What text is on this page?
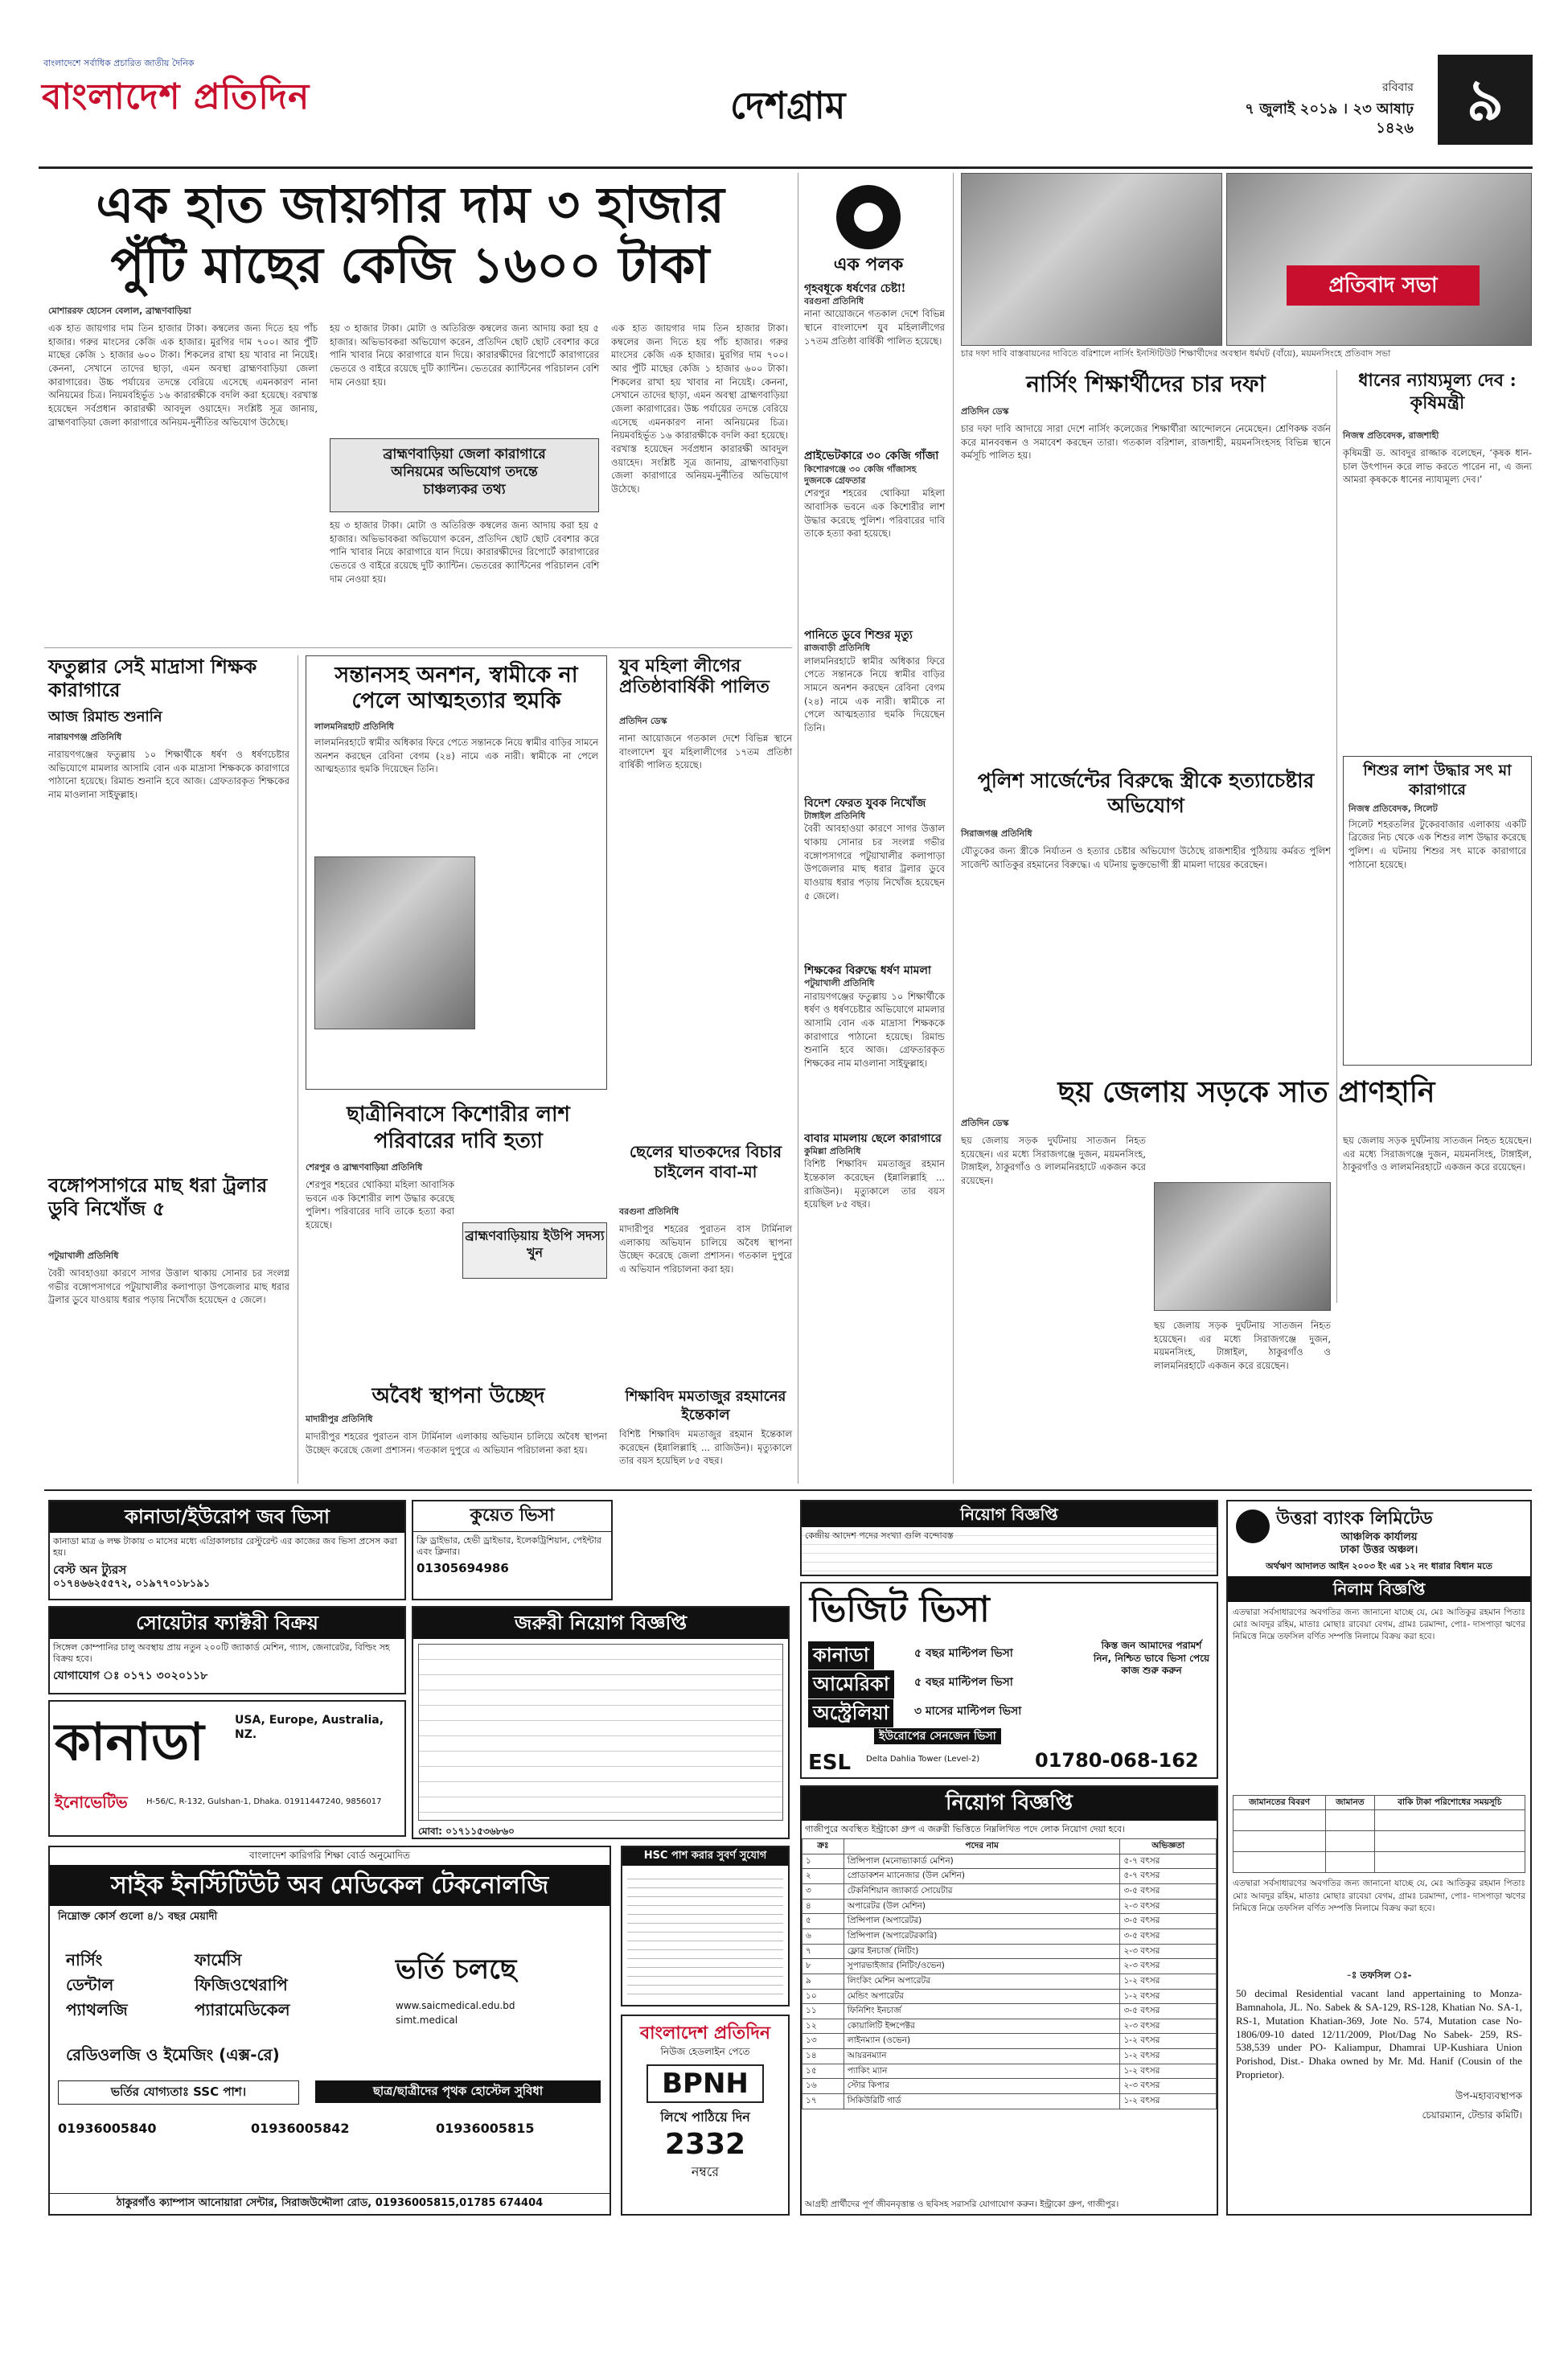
বাংলাদেশে সর্বাধিক প্রচারিত জাতীয় দৈনিক
বাংলাদেশ প্রতিদিন	দেশগ্রাম	রবিবার
৭ জুলাই ২০১৯ । ২৩ আষাঢ় ১৪২৬ ৯
এক হাত জায়গার দাম ৩ হাজার
পুঁটি মাছের কেজি ১৬০০ টাকা
মোশাররফ হোসেন বেলাল, ব্রাহ্মণবাড়িয়া
এক হাত জায়গার দাম তিন হাজার টাকা। কম্বলের জন্য দিতে হয় পাঁচ হাজার। গরুর মাংসের কেজি এক হাজার। মুরগির দাম ৭০০। আর পুঁটি মাছের কেজি ১ হাজার ৬০০ টাকা। শিকলের রাখা হয় খাবার না নিয়েই। কেননা, সেখানে তাদের ছাড়া, এমন অবস্থা ব্রাহ্মণবাড়িয়া জেলা কারাগারের। উচ্চ পর্যায়ের তদন্তে বেরিয়ে এসেছে এমনকারণ নানা অনিয়মের চিত্র। নিয়মবহির্ভূত ১৬ কারারক্ষীকে বদলি করা হয়েছে। বরখাস্ত হয়েছেন সর্বপ্রধান কারারক্ষী আবদুল ওয়াহেদ। সংশ্লিষ্ট সূত্র জানায়, ব্রাহ্মণবাড়িয়া জেলা কারাগারে অনিয়ম-দুর্নীতির অভিযোগ উঠেছে।
হয় ৩ হাজার টাকা। মোটা ও অতিরিক্ত কম্বলের জন্য আদায় করা হয় ৫ হাজার। অভিভাবকরা অভিযোগ করেন, প্রতিদিন ছোট ছোট বেবশার করে পানি খাবার নিয়ে কারাগারে যান দিয়ে। কারারক্ষীদের রিপোর্টে কারাগারের ভেতরে ও বাইরে রয়েছে দুটি ক্যান্টিন। ভেতরের ক্যান্টিনের পরিচালন বেশি দাম নেওয়া হয়।
ব্রাহ্মণবাড়িয়া জেলা কারাগারে
অনিয়মের অভিযোগ তদন্তে
চাঞ্চল্যকর তথ্য
হয় ৩ হাজার টাকা। মোটা ও অতিরিক্ত কম্বলের জন্য আদায় করা হয় ৫ হাজার। অভিভাবকরা অভিযোগ করেন, প্রতিদিন ছোট ছোট বেবশার করে পানি খাবার নিয়ে কারাগারে যান দিয়ে। কারারক্ষীদের রিপোর্টে কারাগারের ভেতরে ও বাইরে রয়েছে দুটি ক্যান্টিন। ভেতরের ক্যান্টিনের পরিচালন বেশি দাম নেওয়া হয়।
এক হাত জায়গার দাম তিন হাজার টাকা। কম্বলের জন্য দিতে হয় পাঁচ হাজার। গরুর মাংসের কেজি এক হাজার। মুরগির দাম ৭০০। আর পুঁটি মাছের কেজি ১ হাজার ৬০০ টাকা। শিকলের রাখা হয় খাবার না নিয়েই। কেননা, সেখানে তাদের ছাড়া, এমন অবস্থা ব্রাহ্মণবাড়িয়া জেলা কারাগারের। উচ্চ পর্যায়ের তদন্তে বেরিয়ে এসেছে এমনকারণ নানা অনিয়মের চিত্র। নিয়মবহির্ভূত ১৬ কারারক্ষীকে বদলি করা হয়েছে। বরখাস্ত হয়েছেন সর্বপ্রধান কারারক্ষী আবদুল ওয়াহেদ। সংশ্লিষ্ট সূত্র জানায়, ব্রাহ্মণবাড়িয়া জেলা কারাগারে অনিয়ম-দুর্নীতির অভিযোগ উঠেছে।
ফতুল্লার সেই মাদ্রাসা শিক্ষক কারাগারে
আজ রিমান্ড শুনানি
নারায়ণগঞ্জ প্রতিনিধি
নারায়ণগঞ্জের ফতুল্লায় ১০ শিক্ষার্থীকে ধর্ষণ ও ধর্ষণচেষ্টার অভিযোগে মামলার আসামি বোন এক মাদ্রাসা শিক্ষককে কারাগারে পাঠানো হয়েছে। রিমান্ড শুনানি হবে আজ। গ্রেফতারকৃত শিক্ষকের নাম মাওলানা সাইফুল্লাহ।
বঙ্গোপসাগরে মাছ ধরা ট্রলার ডুবি নিখোঁজ ৫
পটুয়াখালী প্রতিনিধি
বৈরী আবহাওয়া কারণে সাগর উত্তাল থাকায় সোনার চর সংলগ্ন গভীর বঙ্গোপসাগরে পটুয়াখালীর কলাপাড়া উপজেলার মাছ ধরার ট্রলার ডুবে যাওয়ায় ধরার পড়ায় নিখোঁজ হয়েছেন ৫ জেলে।
সন্তানসহ অনশন, স্বামীকে না পেলে আত্মহত্যার হুমকি
লালমনিরহাট প্রতিনিধি
লালমনিরহাটে স্বামীর অধিকার ফিরে পেতে সন্তানকে নিয়ে স্বামীর বাড়ির সামনে অনশন করছেন রেবিনা বেগম (২৪) নামে এক নারী। স্বামীকে না পেলে আত্মহত্যার হুমকি দিয়েছেন তিনি।
যুব মহিলা লীগের প্রতিষ্ঠাবার্ষিকী পালিত
প্রতিদিন ডেস্ক
নানা আয়োজনে গতকাল দেশে বিভিন্ন স্থানে বাংলাদেশ যুব মহিলালীগের ১৭তম প্রতিষ্ঠা বার্ষিকী পালিত হয়েছে।
ছাত্রীনিবাসে কিশোরীর লাশ পরিবারের দাবি হত্যা
শেরপুর ও ব্রাহ্মণবাড়িয়া প্রতিনিধি
শেরপুর শহরের থোকিয়া মহিলা আবাসিক ভবনে এক কিশোরীর লাশ উদ্ধার করেছে পুলিশ। পরিবারের দাবি তাকে হত্যা করা হয়েছে।
ব্রাহ্মণবাড়িয়ায় ইউপি সদস্য খুন
অবৈধ স্থাপনা উচ্ছেদ
মাদারীপুর প্রতিনিধি
মাদারীপুর শহরের পুরাতন বাস টার্মিনাল এলাকায় অভিযান চালিয়ে অবৈধ স্থাপনা উচ্ছেদ করেছে জেলা প্রশাসন। গতকাল দুপুরে এ অভিযান পরিচালনা করা হয়।
ছেলের ঘাতকদের বিচার চাইলেন বাবা-মা
বরগুনা প্রতিনিধি
মাদারীপুর শহরের পুরাতন বাস টার্মিনাল এলাকায় অভিযান চালিয়ে অবৈধ স্থাপনা উচ্ছেদ করেছে জেলা প্রশাসন। গতকাল দুপুরে এ অভিযান পরিচালনা করা হয়।
শিক্ষাবিদ মমতাজুর রহমানের ইন্তেকাল
বিশিষ্ট শিক্ষাবিদ মমতাজুর রহমান ইন্তেকাল করেছেন (ইন্নালিল্লাহি ... রাজিউন)। মৃত্যুকালে তার বয়স হয়েছিল ৮৫ বছর।
এক পলক
গৃহবধূকে ধর্ষণের চেষ্টা!
বরগুনা প্রতিনিধি
নানা আয়োজনে গতকাল দেশে বিভিন্ন স্থানে বাংলাদেশ যুব মহিলালীগের ১৭তম প্রতিষ্ঠা বার্ষিকী পালিত হয়েছে।
প্রাইভেটকারে ৩০ কেজি গাঁজা
কিশোরগঞ্জে ৩০ কেজি গাঁজাসহ দুজনকে গ্রেফতার
শেরপুর শহরের থোকিয়া মহিলা আবাসিক ভবনে এক কিশোরীর লাশ উদ্ধার করেছে পুলিশ। পরিবারের দাবি তাকে হত্যা করা হয়েছে।
পানিতে ডুবে শিশুর মৃত্যু
রাজবাড়ী প্রতিনিধি
লালমনিরহাটে স্বামীর অধিকার ফিরে পেতে সন্তানকে নিয়ে স্বামীর বাড়ির সামনে অনশন করছেন রেবিনা বেগম (২৪) নামে এক নারী। স্বামীকে না পেলে আত্মহত্যার হুমকি দিয়েছেন তিনি।
বিদেশ ফেরত যুবক নিখোঁজ
টাঙ্গাইল প্রতিনিধি
বৈরী আবহাওয়া কারণে সাগর উত্তাল থাকায় সোনার চর সংলগ্ন গভীর বঙ্গোপসাগরে পটুয়াখালীর কলাপাড়া উপজেলার মাছ ধরার ট্রলার ডুবে যাওয়ায় ধরার পড়ায় নিখোঁজ হয়েছেন ৫ জেলে।
শিক্ষকের বিরুদ্ধে ধর্ষণ মামলা
পটুয়াখালী প্রতিনিধি
নারায়ণগঞ্জের ফতুল্লায় ১০ শিক্ষার্থীকে ধর্ষণ ও ধর্ষণচেষ্টার অভিযোগে মামলার আসামি বোন এক মাদ্রাসা শিক্ষককে কারাগারে পাঠানো হয়েছে। রিমান্ড শুনানি হবে আজ। গ্রেফতারকৃত শিক্ষকের নাম মাওলানা সাইফুল্লাহ।
বাবার মামলায় ছেলে কারাগারে
কুমিল্লা প্রতিনিধি
বিশিষ্ট শিক্ষাবিদ মমতাজুর রহমান ইন্তেকাল করেছেন (ইন্নালিল্লাহি ... রাজিউন)। মৃত্যুকালে তার বয়স হয়েছিল ৮৫ বছর।
প্রতিবাদ সভা
চার দফা দাবি বাস্তবায়নের দাবিতে বরিশালে নার্সিং ইনস্টিটিউট শিক্ষার্থীদের অবস্থান ধর্মঘট (বাঁয়ে), ময়মনসিংহে প্রতিবাদ সভা
নার্সিং শিক্ষার্থীদের চার দফা
প্রতিদিন ডেস্ক
চার দফা দাবি আদায়ে সারা দেশে নার্সিং কলেজের শিক্ষার্থীরা আন্দোলনে নেমেছেন। শ্রেণিকক্ষ বর্জন করে মানববন্ধন ও সমাবেশ করছেন তারা। গতকাল বরিশাল, রাজশাহী, ময়মনসিংহসহ বিভিন্ন স্থানে কর্মসূচি পালিত হয়।
ধানের ন্যায্যমূল্য দেব : কৃষিমন্ত্রী
নিজস্ব প্রতিবেদক, রাজশাহী
কৃষিমন্ত্রী ড. আবদুর রাজ্জাক বলেছেন, ‘কৃষক ধান-চাল উৎপাদন করে লাভ করতে পারেন না, এ জন্য আমরা কৃষককে ধানের ন্যায্যমূল্য দেব।’
শিশুর লাশ উদ্ধার সৎ মা কারাগারে
নিজস্ব প্রতিবেদক, সিলেট
সিলেট শহরতলির টুকেরবাজার এলাকায় একটি ব্রিজের নিচ থেকে এক শিশুর লাশ উদ্ধার করেছে পুলিশ। এ ঘটনায় শিশুর সৎ মাকে কারাগারে পাঠানো হয়েছে।
পুলিশ সার্জেন্টের বিরুদ্ধে স্ত্রীকে হত্যাচেষ্টার অভিযোগ
সিরাজগঞ্জ প্রতিনিধি
যৌতুকের জন্য স্ত্রীকে নির্যাতন ও হত্যার চেষ্টার অভিযোগ উঠেছে রাজশাহীর পুঠিয়ায় কর্মরত পুলিশ সার্জেন্ট আতিকুর রহমানের বিরুদ্ধে। এ ঘটনায় ভুক্তভোগী স্ত্রী মামলা দায়ের করেছেন।
ছয় জেলায় সড়কে সাত প্রাণহানি
প্রতিদিন ডেস্ক
ছয় জেলায় সড়ক দুর্ঘটনায় সাতজন নিহত হয়েছেন। এর মধ্যে সিরাজগঞ্জে দুজন, ময়মনসিংহ, টাঙ্গাইল, ঠাকুরগাঁও ও লালমনিরহাটে একজন করে রয়েছেন।
ছয় জেলায় সড়ক দুর্ঘটনায় সাতজন নিহত হয়েছেন। এর মধ্যে সিরাজগঞ্জে দুজন, ময়মনসিংহ, টাঙ্গাইল, ঠাকুরগাঁও ও লালমনিরহাটে একজন করে রয়েছেন।
ছয় জেলায় সড়ক দুর্ঘটনায় সাতজন নিহত হয়েছেন। এর মধ্যে সিরাজগঞ্জে দুজন, ময়মনসিংহ, টাঙ্গাইল, ঠাকুরগাঁও ও লালমনিরহাটে একজন করে রয়েছেন।
কানাডা/ইউরোপ জব ভিসা
কানাডা মাত্র ৬ লক্ষ টাকায় ৩ মাসের মধ্যে এগ্রিকালচার রেস্টুরেন্ট এর কাজের জব ভিসা প্রসেস করা হয়।
বেস্ট অন ট্যুরস
০১৭৪৬৬২৫৫৭২, ০১৯৭৭০১৮১৯১
কুয়েত ভিসা
ফ্রি ড্রাইভার, হেভী ড্রাইভার, ইলেকট্রিশিয়ান, পেইন্টার এবং ক্লিনার।
01305694986
সোয়েটার ফ্যাক্টরী বিক্রয়
সিঙ্গেল কোম্পানির চালু অবস্থায় প্রায় নতুন ২০০টি জ্যাকার্ড মেশিন, গ্যাস, জেনারেটর, বিল্ডিং সহ বিক্রয় হবে।
যোগাযোগ ঃ ০১৭১ ৩০২০১১৮
জরুরী নিয়োগ বিজ্ঞপ্তি
মোবা: ০১৭১১৫৩৬৮৬০
কানাডা	USA, Europe, Australia, NZ.
ইনোভেটিভ H-56/C, R-132, Gulshan-1, Dhaka. 01911447240, 9856017
বাংলাদেশ কারিগরি শিক্ষা বোর্ড অনুমোদিত
সাইক ইনস্টিটিউট অব মেডিকেল টেকনোলজি
নিম্নোক্ত কোর্স গুলো ৪/১ বছর মেয়াদী
নার্সিং
ডেন্টাল
প্যাথলজি
ফার্মেসি
ফিজিওথেরাপি
প্যারামেডিকেল
রেডিওলজি ও ইমেজিং (এক্স-রে)
ভর্তি চলছে
www.saicmedical.edu.bd
simt.medical
ভর্তির যোগ্যতাঃ SSC পাশ।	ছাত্র/ছাত্রীদের পৃথক হোস্টেল সুবিধা
01936005840	01936005842	01936005815
ঠাকুরগাঁও ক্যাম্পাস আনোয়ারা সেন্টার, সিরাজউদ্দৌলা রোড, 01936005815,01785 674404
HSC পাশ করার সুবর্ণ সুযোগ
বাংলাদেশ প্রতিদিন
নিউজ হেডলাইন পেতে
BPNH
লিখে পাঠিয়ে দিন
2332
নম্বরে
নিয়োগ বিজ্ঞপ্তি
কেন্দ্রীয় আদেশ পদের সংখ্যা গুলি বন্দোবস্ত
ভিজিট ভিসা
কানাডা	৫ বছর মাল্টিপল ভিসা
আমেরিকা	৫ বছর মাল্টিপল ভিসা
অস্ট্রেলিয়া	৩ মাসের মাল্টিপল ভিসা
ইউরোপের সেনজেন ভিসা
কিস্ত জন আমাদের পরামর্শ নিন, নিশ্চিত ভাবে ভিসা পেয়ে কাজ শুরু করুন
ESL Delta Dahlia Tower (Level-2)	01780-068-162
নিয়োগ বিজ্ঞপ্তি
গাজীপুরে অবস্থিত ইন্ট্রাকো গ্রুপ এ জরুরী ভিত্তিতে নিম্নলিখিত পদে লোক নিয়োগ দেয়া হবে।
ক্রঃ	পদের নাম	অভিজ্ঞতা
১	প্রিন্সিপাল (মনোভ্যাকার্ড মেশিন)	৫-৭ বৎসর
২	প্রোডাকশন ম্যানেজার (উল মেশিন)	৫-৭ বৎসর
৩	টেকনিশিয়ান জ্যাকার্ড সোয়েটার	৩-৫ বৎসর
৪	অপারেটর (উল মেশিন)	২-৩ বৎসর
৫	প্রিন্সিপাল (অপারেটর)	৩-৫ বৎসর
৬	প্রিন্সিপাল (অপারেটরকারি)	৩-৫ বৎসর
৭	ফ্লোর ইনচার্জ (নিটিং)	২-৩ বৎসর
৮	সুপারভাইজার (নিটিং/ওভেন)	২-৩ বৎসর
৯	লিংকিং মেশিন অপারেটর	১-২ বৎসর
১০	মেন্ডিং অপারেটর	১-২ বৎসর
১১	ফিনিশিং ইনচার্জ	৩-৫ বৎসর
১২	কোয়ালিটি ইন্সপেক্টর	২-৩ বৎসর
১৩	লাইনম্যান (ওভেন)	১-২ বৎসর
১৪	আয়রনম্যান	১-২ বৎসর
১৫	প্যাকিং ম্যান	১-২ বৎসর
১৬	স্টোর কিপার	২-৩ বৎসর
১৭	সিকিউরিটি গার্ড	১-২ বৎসর
আগ্রহী প্রার্থীদের পূর্ণ জীবনবৃত্তান্ত ও ছবিসহ সরাসরি যোগাযোগ করুন। ইন্ট্রাকো গ্রুপ, গাজীপুর।
উত্তরা ব্যাংক লিমিটেড
আঞ্চলিক কার্যালয়
ঢাকা উত্তর অঞ্চল।
অর্থঋণ আদালত আইন ২০০৩ ইং এর ১২ নং ধারার বিধান মতে
নিলাম বিজ্ঞপ্তি
এতদ্বারা সর্বসাধারণের অবগতির জন্য জানানো যাচ্ছে যে, মেঃ আতিকুর রহমান পিতাঃ মোঃ আবদুর রহিম, মাতাঃ মোছাঃ রাবেয়া বেগম, গ্রামঃ চরমান্দা, পোঃ- দাসপাড়া ঋণের নিমিত্তে নিম্নে তফসিল বর্ণিত সম্পত্তি নিলামে বিক্রয় করা হবে।
জামানতের বিবরণ	জামানত	বাকি টাকা পরিশোধের সময়সূচি

এতদ্বারা সর্বসাধারণের অবগতির জন্য জানানো যাচ্ছে যে, মেঃ আতিকুর রহমান পিতাঃ মোঃ আবদুর রহিম, মাতাঃ মোছাঃ রাবেয়া বেগম, গ্রামঃ চরমান্দা, পোঃ- দাসপাড়া ঋণের নিমিত্তে নিম্নে তফসিল বর্ণিত সম্পত্তি নিলামে বিক্রয় করা হবে।
-ঃ তফসিল ঃ-
50 decimal Residential vacant land appertaining to Monza- Bamnahola, JL. No. Sabek & SA-129, RS-128, Khatian No. SA-1, RS-1, Mutation Khatian-369, Jote No. 574, Mutation case No-1806/09-10 dated 12/11/2009, Plot/Dag No Sabek- 259, RS-538,539 under PO- Kaliampur, Dhamrai UP-Kushiara Union Porishod, Dist.- Dhaka owned by Mr. Md. Hanif (Cousin of the Proprietor).
উপ-মহাব্যবস্থাপক
চেয়ারম্যান, টেন্ডার কমিটি।
